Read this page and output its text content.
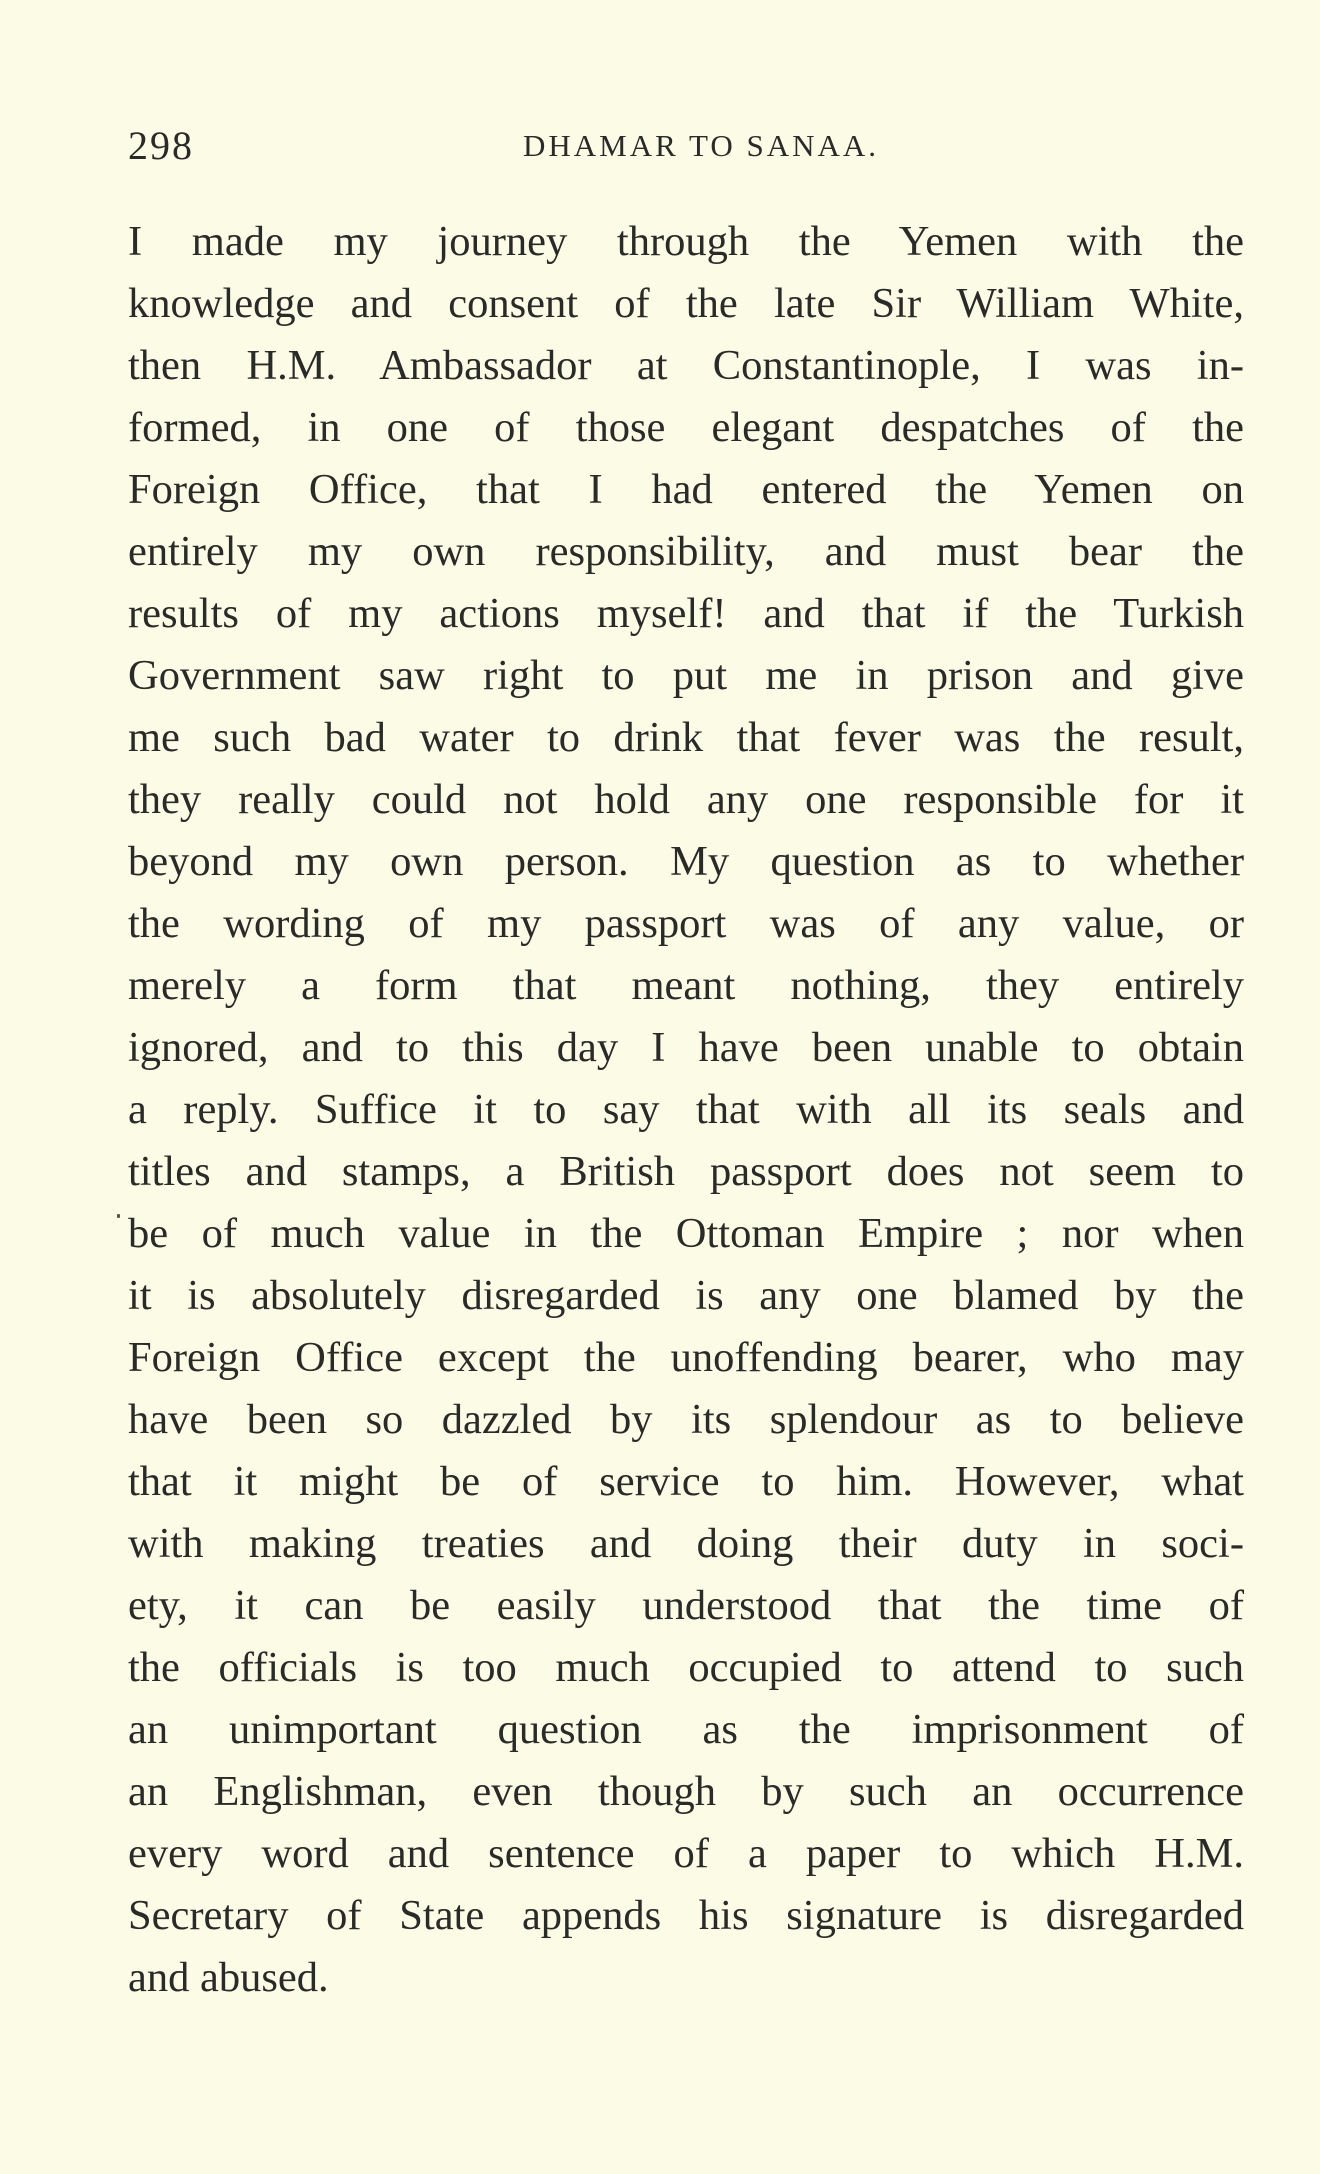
298	DHAMAR TO SANAA.
I made my journey through the Yemen with the
knowledge and consent of the late Sir William White,
then H.M. Ambassador at Constantinople, I was in-
formed, in one of those elegant despatches of the
Foreign Office, that I had entered the Yemen on
entirely my own responsibility, and must bear the
results of my actions myself! and that if the Turkish
Government saw right to put me in prison and give
me such bad water to drink that fever was the result,
they really could not hold any one responsible for it
beyond my own person. My question as to whether
the wording of my passport was of any value, or
merely a form that meant nothing, they entirely
ignored, and to this day I have been unable to obtain
a reply. Suffice it to say that with all its seals and
titles and stamps, a British passport does not seem to
be of much value in the Ottoman Empire ; nor when
it is absolutely disregarded is any one blamed by the
Foreign Office except the unoffending bearer, who may
have been so dazzled by its splendour as to believe
that it might be of service to him. However, what
with making treaties and doing their duty in soci-
ety, it can be easily understood that the time of
the officials is too much occupied to attend to such
an unimportant question as the imprisonment of
an Englishman, even though by such an occurrence
every word and sentence of a paper to which H.M.
Secretary of State appends his signature is disregarded
and abused.
